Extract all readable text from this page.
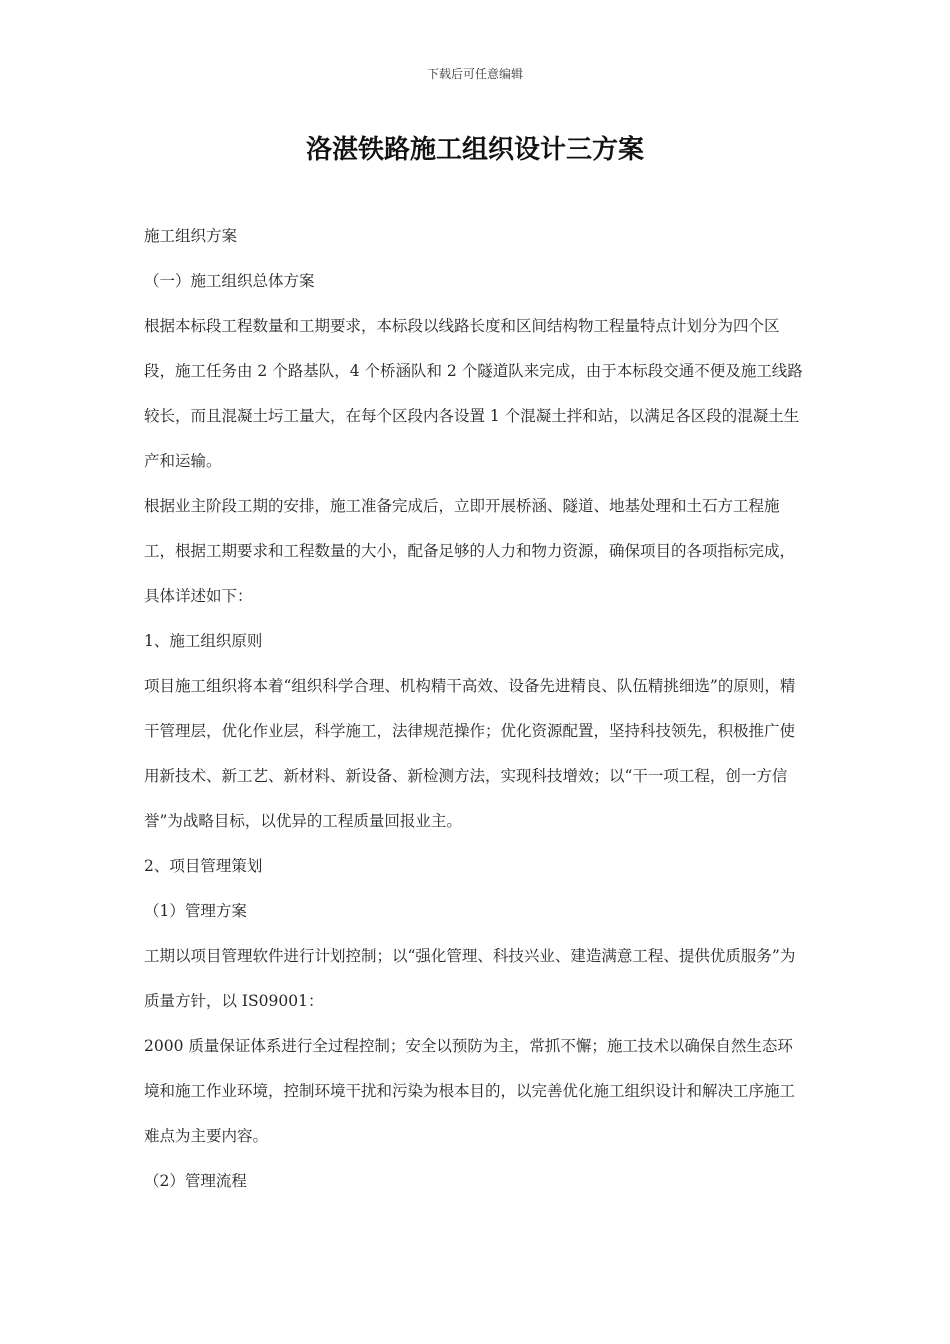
下载后可任意编辑
洛湛铁路施工组织设计三方案

施工组织方案

（一）施工组织总体方案

根据本标段工程数量和工期要求，本标段以线路长度和区间结构物工程量特点计划分为四个区段，施工任务由 2 个路基队，4 个桥涵队和 2 个隧道队来完成，由于本标段交通不便及施工线路较长，而且混凝土圬工量大，在每个区段内各设置 1 个混凝土拌和站，以满足各区段的混凝土生产和运输。

根据业主阶段工期的安排，施工准备完成后，立即开展桥涵、隧道、地基处理和土石方工程施工，根据工期要求和工程数量的大小，配备足够的人力和物力资源，确保项目的各项指标完成，具体详述如下：

1、施工组织原则

项目施工组织将本着“组织科学合理、机构精干高效、设备先进精良、队伍精挑细选”的原则，精干管理层，优化作业层，科学施工，法律规范操作；优化资源配置，坚持科技领先，积极推广使用新技术、新工艺、新材料、新设备、新检测方法，实现科技增效；以“干一项工程，创一方信誉”为战略目标，以优异的工程质量回报业主。

2、项目管理策划

（1）管理方案

工期以项目管理软件进行计划控制；以“强化管理、科技兴业、建造满意工程、提供优质服务”为质量方针，以 IS09001：

2000 质量保证体系进行全过程控制；安全以预防为主，常抓不懈；施工技术以确保自然生态环境和施工作业环境，控制环境干扰和污染为根本目的，以完善优化施工组织设计和解决工序施工难点为主要内容。

（2）管理流程
